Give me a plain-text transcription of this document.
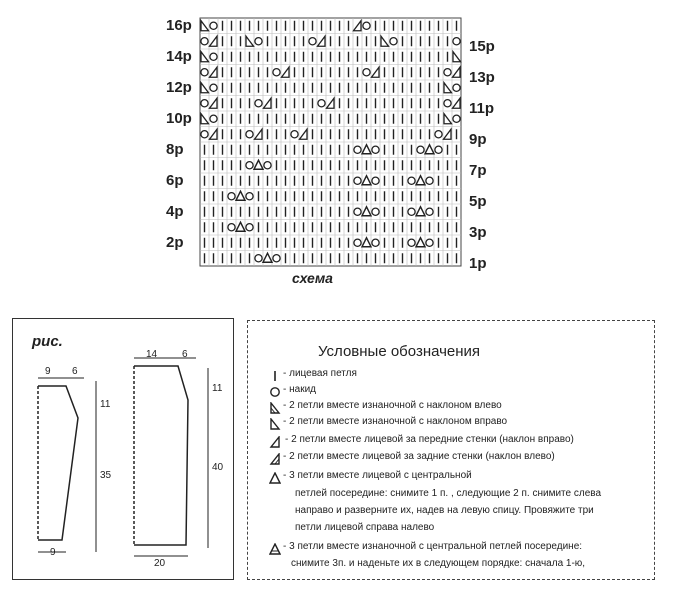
схема
16р
14р
12р
10р
8р
6р
4р
2р
15р
13р
11р
9р
7р
5р
3р
1р
рис.
9 6
11
35
9
14 6
11
40
20
Условные обозначения
- лицевая петля
- накид
- 2 петли вместе изнаночной с наклоном влево
- 2 петли вместе изнаночной с наклоном вправо
- 2 петли вместе лицевой за передние стенки (наклон вправо)
- 2 петли вместе лицевой за задние стенки (наклон влево)
- 3 петли вместе лицевой с центральной
петлей посередине: снимите 1 п. , следующие 2 п. снимите слева
направо и разверните их, надев на левую спицу. Провяжите три
петли лицевой справа налево
- 3 петли вместе изнаночной с центральной петлей посередине:
снимите 3п. и наденьте их в следующем порядке: сначала 1-ю,
